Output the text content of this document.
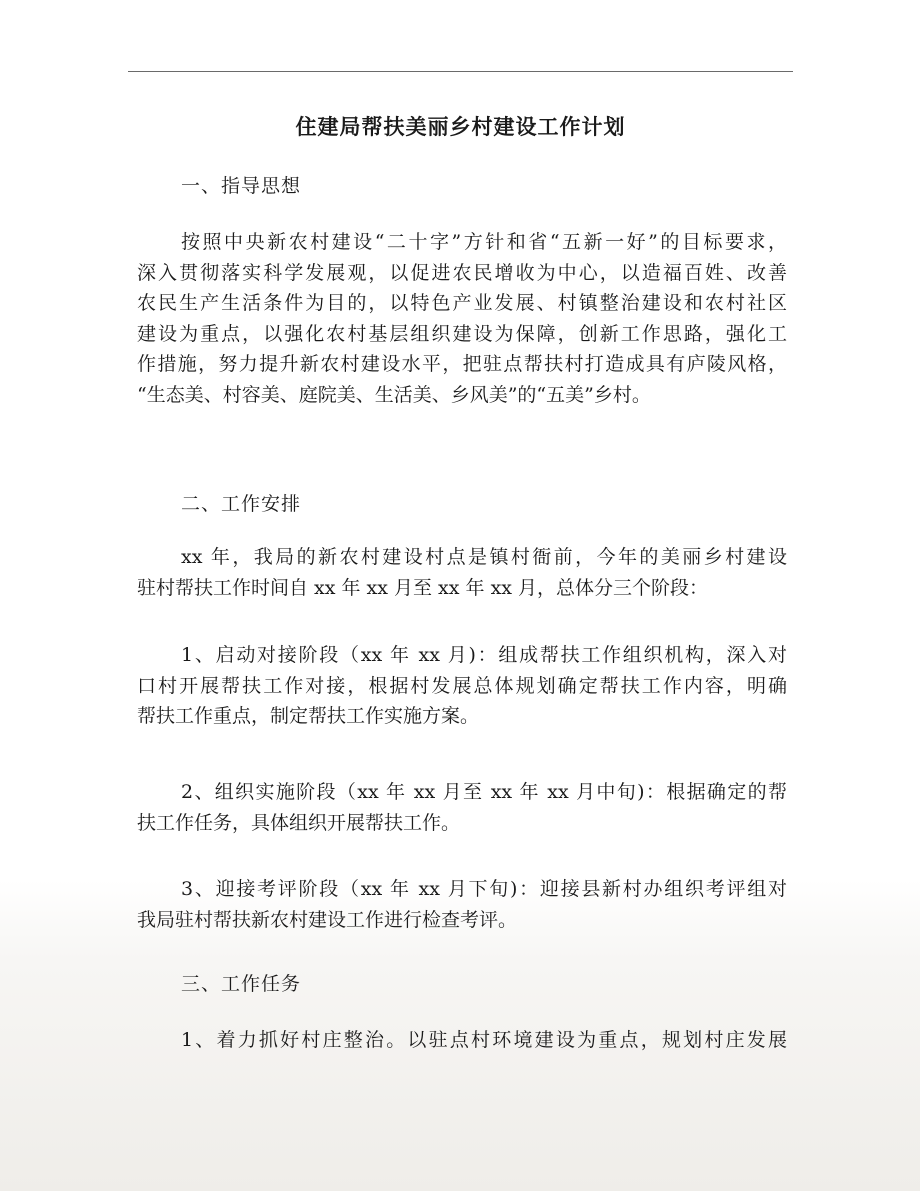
住建局帮扶美丽乡村建设工作计划
一、指导思想
按照中央新农村建设“二十字”方针和省“五新一好”的目标要求，
深入贯彻落实科学发展观，以促进农民增收为中心，以造福百姓、改善
农民生产生活条件为目的，以特色产业发展、村镇整治建设和农村社区
建设为重点，以强化农村基层组织建设为保障，创新工作思路，强化工
作措施，努力提升新农村建设水平，把驻点帮扶村打造成具有庐陵风格，
“生态美、村容美、庭院美、生活美、乡风美”的“五美”乡村。
二、工作安排
xx 年，我局的新农村建设村点是镇村衙前，今年的美丽乡村建设
驻村帮扶工作时间自 xx 年 xx 月至 xx 年 xx 月，总体分三个阶段：
1、启动对接阶段（xx 年 xx 月)：组成帮扶工作组织机构，深入对
口村开展帮扶工作对接，根据村发展总体规划确定帮扶工作内容，明确
帮扶工作重点，制定帮扶工作实施方案。
2、组织实施阶段（xx 年 xx 月至 xx 年 xx 月中旬)：根据确定的帮
扶工作任务，具体组织开展帮扶工作。
3、迎接考评阶段（xx 年 xx 月下旬)：迎接县新村办组织考评组对
我局驻村帮扶新农村建设工作进行检查考评。
三、工作任务
1、着力抓好村庄整治。以驻点村环境建设为重点，规划村庄发展
